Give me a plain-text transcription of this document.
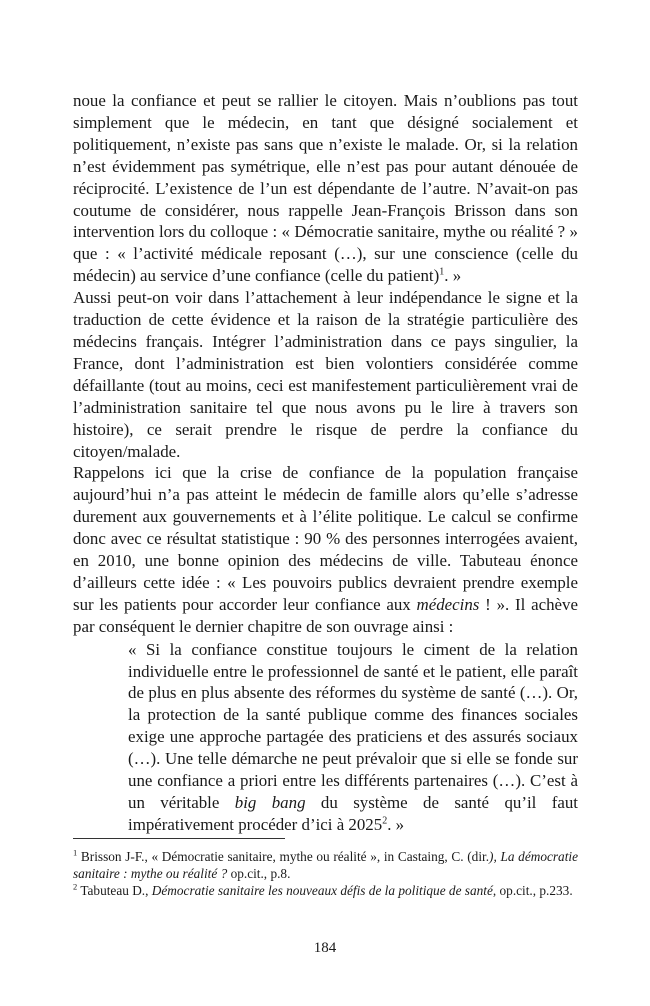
noue la confiance et peut se rallier le citoyen. Mais n’oublions pas tout simplement que le médecin, en tant que désigné socialement et politiquement, n’existe pas sans que n’existe le malade. Or, si la relation n’est évidemment pas symétrique, elle n’est pas pour autant dénouée de réciprocité. L’existence de l’un est dépendante de l’autre. N’avait-on pas coutume de considérer, nous rappelle Jean-François Brisson dans son intervention lors du colloque : « Démocratie sanitaire, mythe ou réalité ? » que : « l’activité médicale reposant (…), sur une conscience (celle du médecin) au service d’une confiance (celle du patient)$^1$. »

Aussi peut-on voir dans l’attachement à leur indépendance le signe et la traduction de cette évidence et la raison de la stratégie particulière des médecins français. Intégrer l’administration dans ce pays singulier, la France, dont l’administration est bien volontiers considérée comme défaillante (tout au moins, ceci est manifestement particulièrement vrai de l’administration sanitaire tel que nous avons pu le lire à travers son histoire), ce serait prendre le risque de perdre la confiance du citoyen/malade.

Rappelons ici que la crise de confiance de la population française aujourd’hui n’a pas atteint le médecin de famille alors qu’elle s’adresse durement aux gouvernements et à l’élite politique. Le calcul se confirme donc avec ce résultat statistique : 90 % des personnes interrogées avaient, en 2010, une bonne opinion des médecins de ville. Tabuteau énonce d’ailleurs cette idée : « Les pouvoirs publics devraient prendre exemple sur les patients pour accorder leur confiance aux médecins ! ». Il achève par conséquent le dernier chapitre de son ouvrage ainsi :

« Si la confiance constitue toujours le ciment de la relation individuelle entre le professionnel de santé et le patient, elle paraît de plus en plus absente des réformes du système de santé (…). Or, la protection de la santé publique comme des finances sociales exige une approche partagée des praticiens et des assurés sociaux (…). Une telle démarche ne peut prévaloir que si elle se fonde sur une confiance a priori entre les différents partenaires (…). C’est à un véritable big bang du système de santé qu’il faut impérativement procéder d’ici à 2025$^2$. »

$^1$ Brisson J-F., « Démocratie sanitaire, mythe ou réalité », in Castaing, C. (dir.), La démocratie sanitaire : mythe ou réalité ? op.cit., p.8.

$^2$ Tabuteau D., Démocratie sanitaire les nouveaux défis de la politique de santé, op.cit., p.233.

184
